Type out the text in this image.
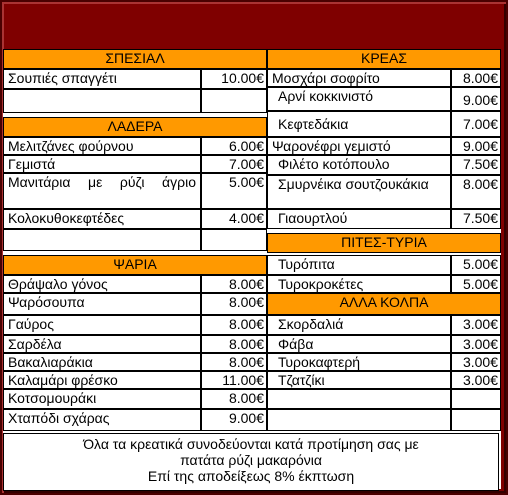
ΣΠΕΣΙΑΛ
Σουπιές σπαγγέτι	10.00€
ΛΑΔΕΡΑ
Μελιτζάνες φούρνου	6.00€
Γεμιστά	7.00€
Μανιτάρια με ρύζι άγριο	5.00€
Κολοκυθοκεφτέδες	4.00€
ΨΑΡΙΑ
Θράψαλο γόνος	8.00€
Ψαρόσουπα	8.00€
Γαύρος	8.00€
Σαρδέλα	8.00€
Βακαλιαράκια	8.00€
Καλαμάρι φρέσκο	11.00€
Κοτσομουράκι	8.00€
Χταπόδι σχάρας	9.00€
ΚΡΕΑΣ
Μοσχάρι σοφρίτο	8.00€
Αρνί κοκκινιστό	9.00€
Κεφτεδάκια	7.00€
Ψαρονέφρι γεμιστό	9.00€
Φιλέτο κοτόπουλο	7.50€
Σμυρνέικα σουτζουκάκια	8.00€
Γιαουρτλού	7.50€
ΠΙΤΕΣ-ΤΥΡΙΑ
Τυρόπιτα	5.00€
Τυροκροκέτες	5.00€
ΑΛΛΑ ΚΟΛΠΑ
Σκορδαλιά	3.00€
Φάβα	3.00€
Τυροκαφτερή	3.00€
Τζατζίκι	3.00€
Όλα τα κρεατικά συνοδεύονται κατά προτίμηση σας με
πατάτα ρύζι μακαρόνια
Επί της αποδείξεως 8% έκπτωση
